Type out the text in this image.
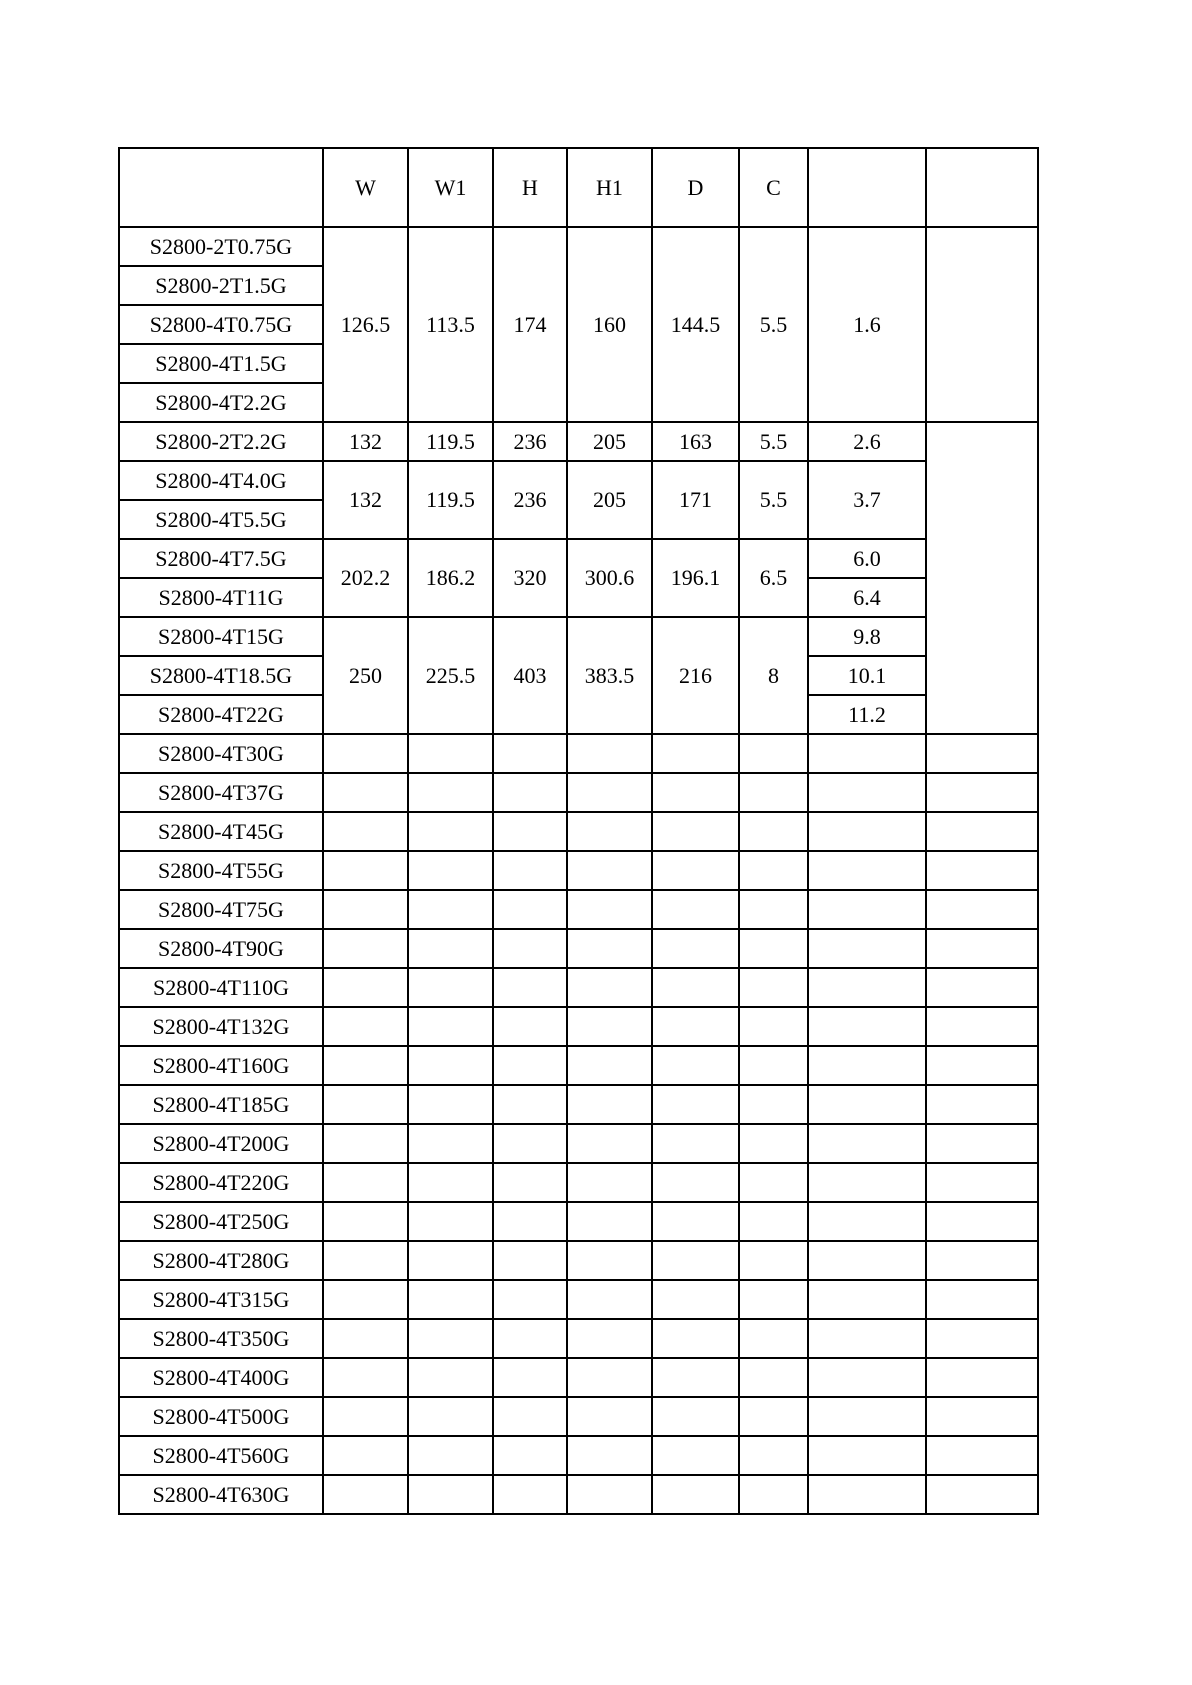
	W	W1	H	H1	D	C		
S2800-2T0.75G	126.5	113.5	174	160	144.5	5.5	1.6	
S2800-2T1.5G								
S2800-4T0.75G								
S2800-4T1.5G								
S2800-4T2.2G								
S2800-2T2.2G	132	119.5	236	205	163	5.5	2.6	
S2800-4T4.0G	132	119.5	236	205	171	5.5	3.7	
S2800-4T5.5G								
S2800-4T7.5G	202.2	186.2	320	300.6	196.1	6.5	6.0	
S2800-4T11G							6.4	
S2800-4T15G	250	225.5	403	383.5	216	8	9.8	
S2800-4T18.5G							10.1	
S2800-4T22G							11.2	
S2800-4T30G								
S2800-4T37G								
S2800-4T45G								
S2800-4T55G								
S2800-4T75G								
S2800-4T90G								
S2800-4T110G								
S2800-4T132G								
S2800-4T160G								
S2800-4T185G								
S2800-4T200G								
S2800-4T220G								
S2800-4T250G								
S2800-4T280G								
S2800-4T315G								
S2800-4T350G								
S2800-4T400G								
S2800-4T500G								
S2800-4T560G								
S2800-4T630G								
